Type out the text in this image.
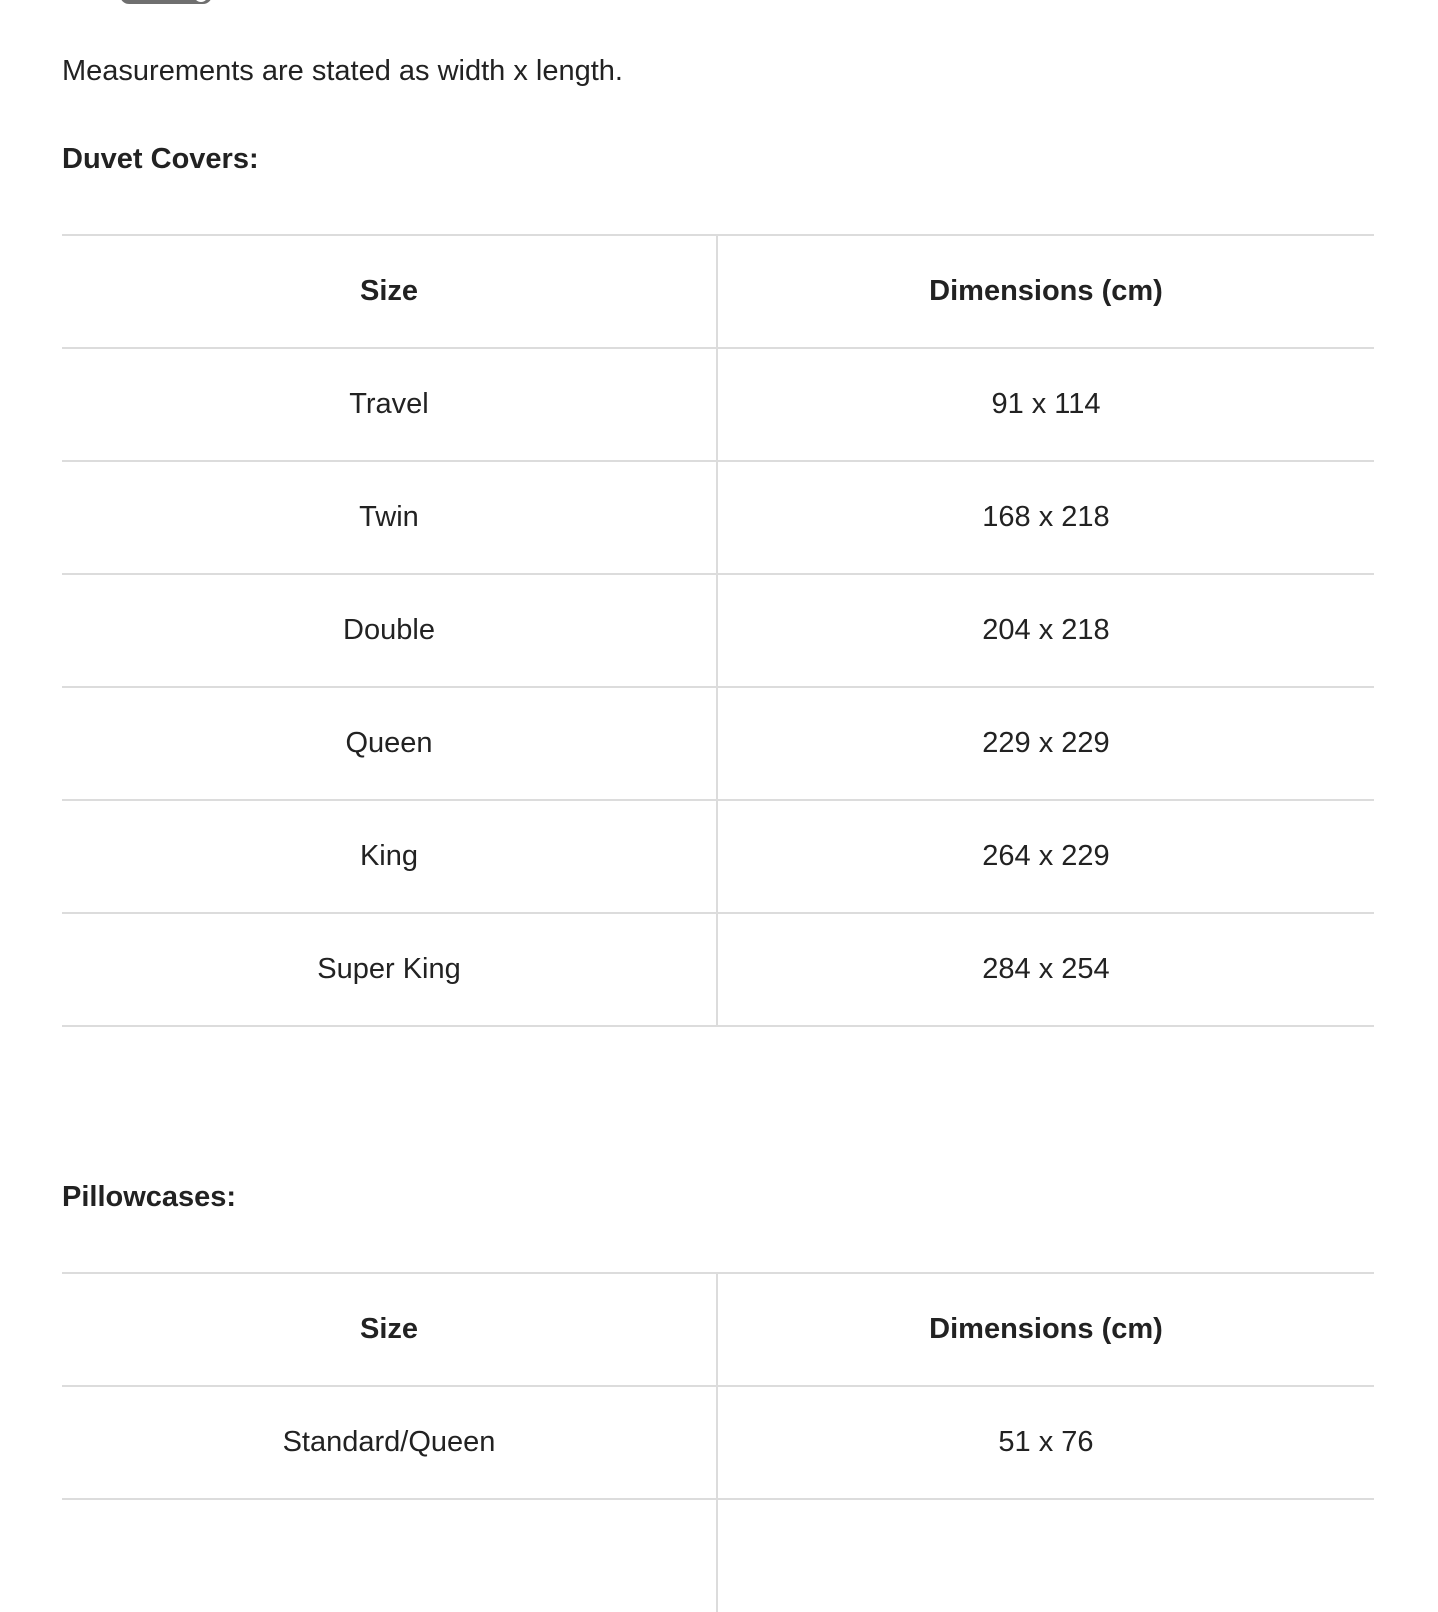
Measurements are stated as width x length.
Duvet Covers:
Size	Dimensions (cm)
Travel	91 x 114
Twin	168 x 218
Double	204 x 218
Queen	229 x 229
King	264 x 229
Super King	284 x 254
Pillowcases:
Size	Dimensions (cm)
Standard/Queen	51 x 76
